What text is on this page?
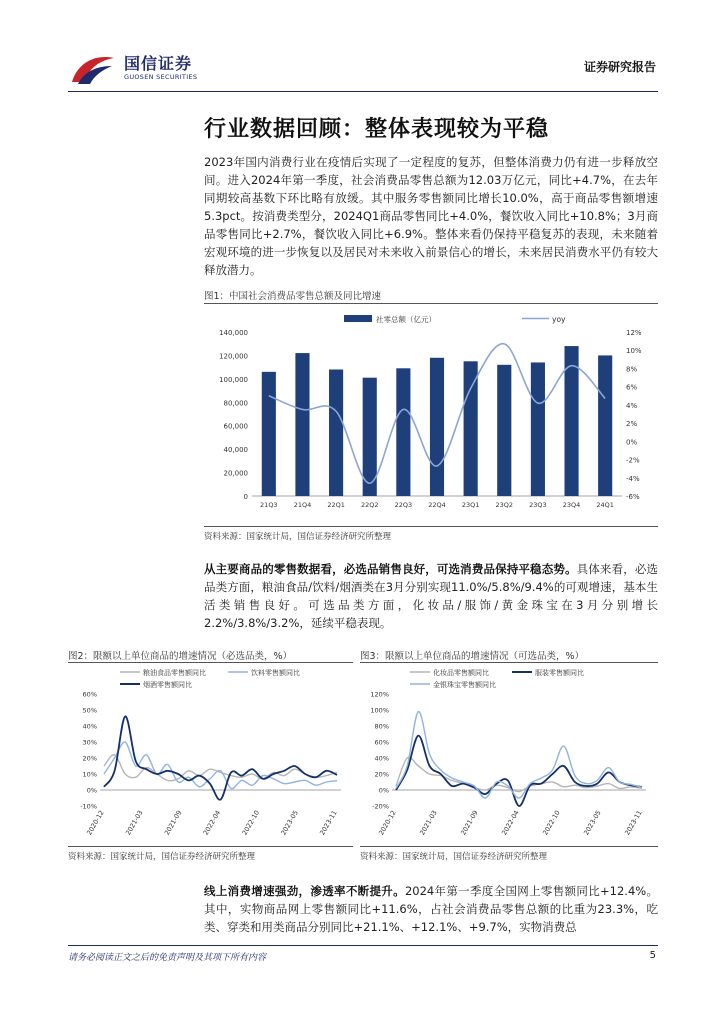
国信证券
GUOSEN SECURITIES
证券研究报告
行业数据回顾：整体表现较为平稳
2023年国内消费行业在疫情后实现了一定程度的复苏，但整体消费力仍有进一步释放空间。进入2024年第一季度，社会消费品零售总额为12.03万亿元，同比+4.7%，在去年同期较高基数下环比略有放缓。其中服务零售额同比增长10.0%，高于商品零售额增速5.3pct。按消费类型分，2024Q1商品零售同比+4.0%，餐饮收入同比+10.8%；3月商品零售同比+2.7%，餐饮收入同比+6.9%。整体来看仍保持平稳复苏的表现，未来随着宏观环境的进一步恢复以及居民对未来收入前景信心的增长，未来居民消费水平仍有较大释放潜力。
图1：中国社会消费品零售总额及同比增速
社零总额（亿元）	yoy
0
20,000
40,000
60,000
80,000
100,000
120,000
140,000
-6%
-4%
-2%
0%
2%
4%
6%
8%
10%
12%
21Q3 21Q4 22Q1 22Q2 22Q3 22Q4 23Q1 23Q2 23Q3 23Q4 24Q1
资料来源：国家统计局，国信证券经济研究所整理
从主要商品的零售数据看，必选品销售良好，可选消费品保持平稳态势。具体来看，必选品类方面，粮油食品/饮料/烟酒类在3月分别实现11.0%/5.8%/9.4%的可观增速，基本生活类销售良好。可选品类方面，化妆品/服饰/黄金珠宝在3月分别增长2.2%/3.8%/3.2%，延续平稳表现。
图2：限额以上单位商品的增速情况（必选品类，%）
粮油食品零售额同比	饮料零售额同比
烟酒零售额同比
-10%
0%
10%
20%
30%
40%
50%
60%
2020-12	2021-03	2021-09	2022-04	2022-10	2023-05	2023-11
资料来源：国家统计局，国信证券经济研究所整理
图3：限额以上单位商品的增速情况（可选品类，%）
化妆品零售额同比	服装零售额同比
金银珠宝零售额同比
-20%
0%
20%
40%
60%
80%
100%
120%
2020-12	2021-03	2021-09	2022-04	2022-10	2023-05	2023-11
资料来源：国家统计局，国信证券经济研究所整理
线上消费增速强劲，渗透率不断提升。2024年第一季度全国网上零售额同比+12.4%。其中，实物商品网上零售额同比+11.6%，占社会消费品零售总额的比重为23.3%，吃类、穿类和用类商品分别同比+21.1%、+12.1%、+9.7%，实物消费总
请务必阅读正文之后的免责声明及其项下所有内容	5
